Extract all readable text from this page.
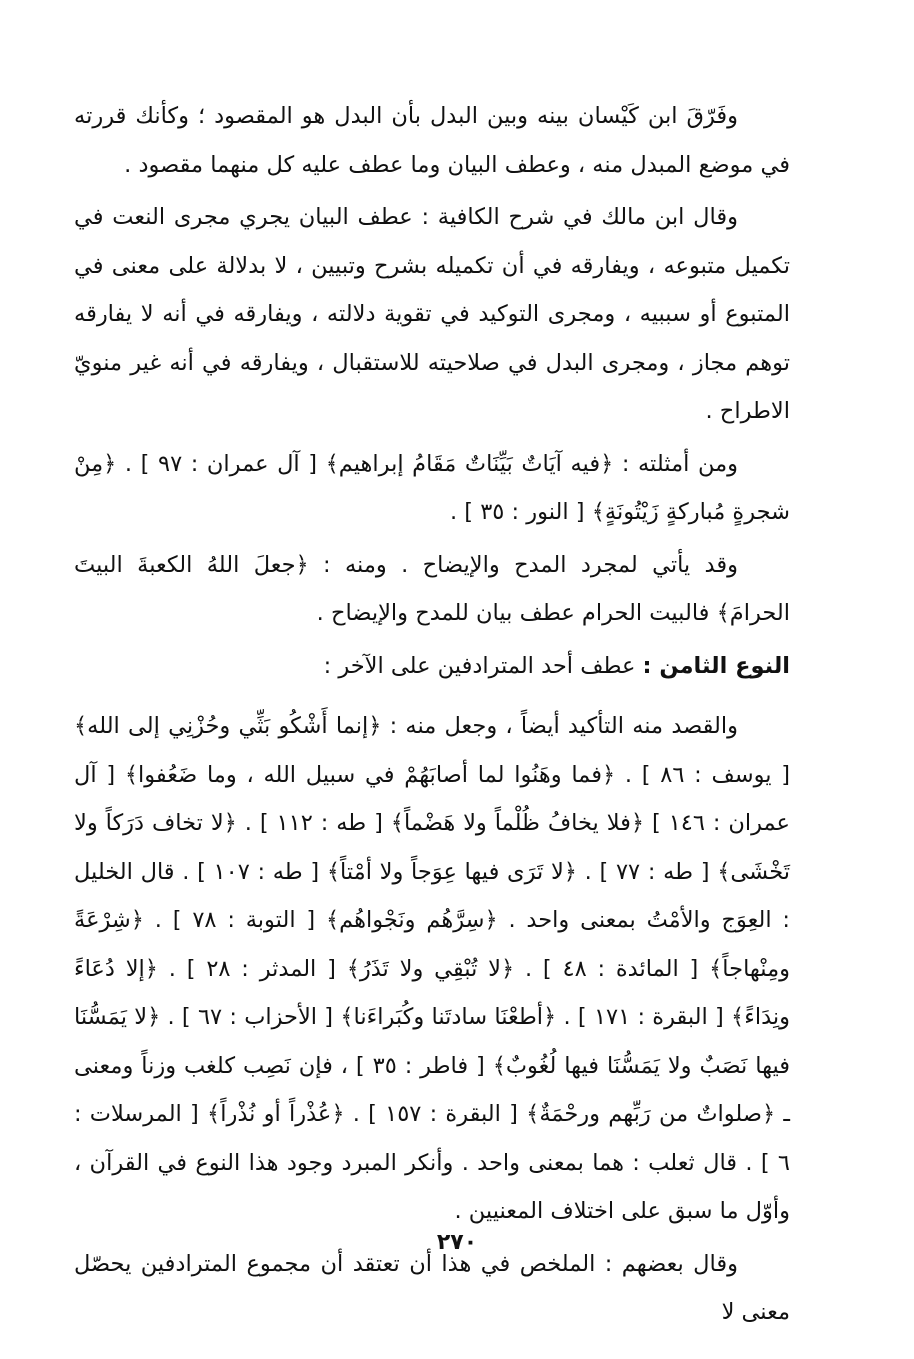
وفَرّقَ ابن كَيْسان بينه وبين البدل بأن البدل هو المقصود ؛ وكأنك قررته في موضع المبدل منه ، وعطف البيان وما عطف عليه كل منهما مقصود .

وقال ابن مالك في شرح الكافية : عطف البيان يجري مجرى النعت في تكميل متبوعه ، ويفارقه في أن تكميله بشرح وتبيين ، لا بدلالة على معنى في المتبوع أو سببيه ، ومجرى التوكيد في تقوية دلالته ، ويفارقه في أنه لا يفارقه توهم مجاز ، ومجرى البدل في صلاحيته للاستقبال ، ويفارقه في أنه غير منويّ الاطراح .

ومن أمثلته : ﴿فيه آيَاتٌ بَيِّنَاتٌ مَقَامُ إبراهيم﴾ [ آل عمران : ٩٧ ] . ﴿مِنْ شجرةٍ مُباركةٍ زَيْتُونَةٍ﴾ [ النور : ٣٥ ] .

وقد يأتي لمجرد المدح والإيضاح . ومنه : ﴿جعلَ اللهُ الكعبةَ البيتَ الحرامَ﴾ فالبيت الحرام عطف بيان للمدح والإيضاح .

النوع الثامن : عطف أحد المترادفين على الآخر :

والقصد منه التأكيد أيضاً ، وجعل منه : ﴿إنما أَشْكُو بَثِّي وحُزْنِي إلى الله﴾ [ يوسف : ٨٦ ] . ﴿فما وهَنُوا لما أصابَهُمْ في سبيل الله ، وما ضَعُفوا﴾ [ آل عمران : ١٤٦ ] ﴿فلا يخافُ ظُلْماً ولا هَضْماً﴾ [ طه : ١١٢ ] . ﴿لا تخاف دَرَكاً ولا تَخْشَى﴾ [ طه : ٧٧ ] . ﴿لا تَرَى فيها عِوَجاً ولا أمْتاً﴾ [ طه : ١٠٧ ] . قال الخليل : العِوَج والأمْتُ بمعنى واحد . ﴿سِرَّهُم ونَجْواهُم﴾ [ التوبة : ٧٨ ] . ﴿شِرْعَةً ومِنْهاجاً﴾ [ المائدة : ٤٨ ] . ﴿لا تُبْقِي ولا تَذَرُ﴾ [ المدثر : ٢٨ ] . ﴿إلا دُعَاءً ونِدَاءً﴾ [ البقرة : ١٧١ ] . ﴿أطعْنَا سادتَنا وكُبَراءَنا﴾ [ الأحزاب : ٦٧ ] . ﴿لا يَمَسُّنَا فيها نَصَبٌ ولا يَمَسُّنَا فيها لُغُوبٌ﴾ [ فاطر : ٣٥ ] ، فإن نَصِب كلغب وزناً ومعنى ـ ﴿صلواتٌ من رَبِّهم ورحْمَةٌ﴾ [ البقرة : ١٥٧ ] . ﴿عُذْراً أو نُذْراً﴾ [ المرسلات : ٦ ] . قال ثعلب : هما بمعنى واحد . وأنكر المبرد وجود هذا النوع في القرآن ، وأوّل ما سبق على اختلاف المعنيين .

وقال بعضهم : الملخص في هذا أن تعتقد أن مجموع المترادفين يحصّل معنى لا

٢٧٠
